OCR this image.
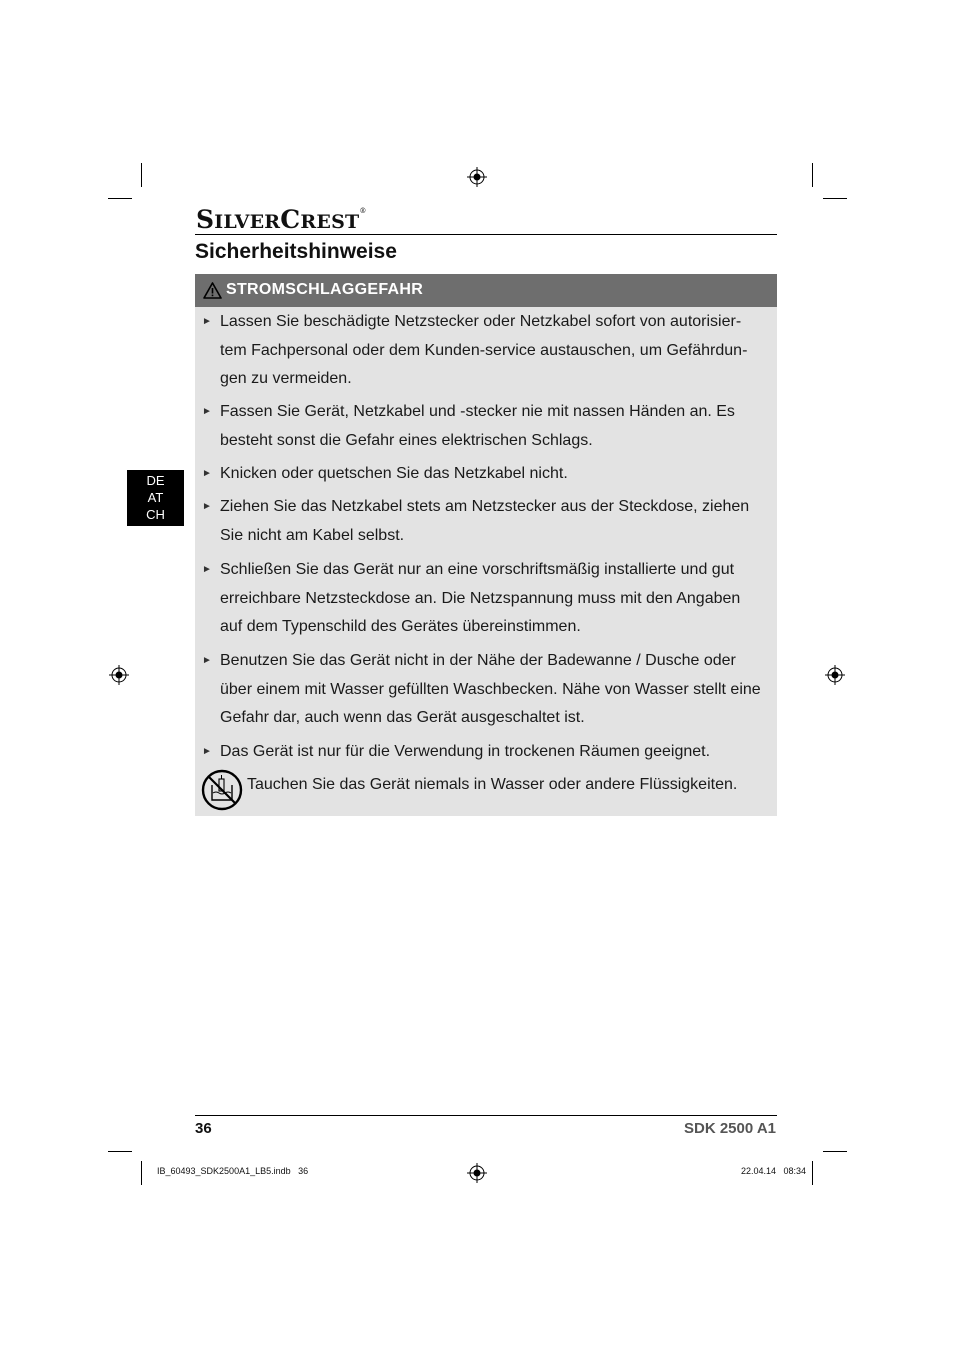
SILVERCREST®
Sicherheitshinweise
DE
AT
CH
STROMSCHLAGGEFAHR
► Lassen Sie beschädigte Netzstecker oder Netzkabel sofort von autorisier-tem Fachpersonal oder dem Kunden-service austauschen, um Gefährdun-gen zu vermeiden.
► Fassen Sie Gerät, Netzkabel und -stecker nie mit nassen Händen an. Es besteht sonst die Gefahr eines elektrischen Schlags.
► Knicken oder quetschen Sie das Netzkabel nicht.
► Ziehen Sie das Netzkabel stets am Netzstecker aus der Steckdose, ziehen Sie nicht am Kabel selbst.
► Schließen Sie das Gerät nur an eine vorschriftsmäßig installierte und gut erreichbare Netzsteckdose an. Die Netzspannung muss mit den Angaben auf dem Typenschild des Gerätes übereinstimmen.
► Benutzen Sie das Gerät nicht in der Nähe der Badewanne / Dusche oder über einem mit Wasser gefüllten Waschbecken. Nähe von Wasser stellt eine Gefahr dar, auch wenn das Gerät ausgeschaltet ist.
► Das Gerät ist nur für die Verwendung in trockenen Räumen geeignet.
Tauchen Sie das Gerät niemals in Wasser oder andere Flüssigkeiten.
36	SDK 2500 A1
IB_60493_SDK2500A1_LB5.indb   36	22.04.14   08:34
